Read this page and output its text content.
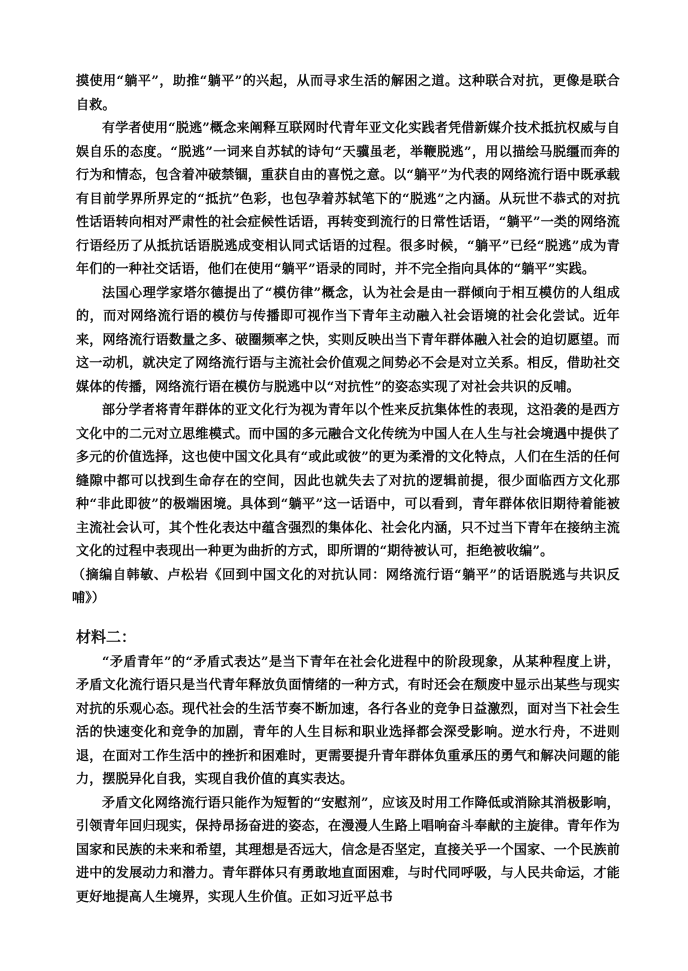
摸使用“躺平”，助推“躺平”的兴起，从而寻求生活的解困之道。这种联合对抗，更像是联合自救。

有学者使用“脱逃”概念来阐释互联网时代青年亚文化实践者凭借新媒介技术抵抗权威与自娱自乐的态度。“脱逃”一词来自苏轼的诗句“天骥虽老，举鞭脱逃”，用以描绘马脱缰而奔的行为和情态，包含着冲破禁锢，重获自由的喜悦之意。以“躺平”为代表的网络流行语中既承载有目前学界所界定的“抵抗”色彩，也包孕着苏轼笔下的“脱逃”之内涵。从玩世不恭式的对抗性话语转向相对严肃性的社会症候性话语，再转变到流行的日常性话语，“躺平”一类的网络流行语经历了从抵抗话语脱逃成变相认同式话语的过程。很多时候，“躺平”已经“脱逃”成为青年们的一种社交话语，他们在使用“躺平”语录的同时，并不完全指向具体的“躺平”实践。

法国心理学家塔尔德提出了“模仿律”概念，认为社会是由一群倾向于相互模仿的人组成的，而对网络流行语的模仿与传播即可视作当下青年主动融入社会语境的社会化尝试。近年来，网络流行语数量之多、破圈频率之快，实则反映出当下青年群体融入社会的迫切愿望。而这一动机，就决定了网络流行语与主流社会价值观之间势必不会是对立关系。相反，借助社交媒体的传播，网络流行语在模仿与脱逃中以“对抗性”的姿态实现了对社会共识的反哺。

部分学者将青年群体的亚文化行为视为青年以个性来反抗集体性的表现，这沿袭的是西方文化中的二元对立思维模式。而中国的多元融合文化传统为中国人在人生与社会境遇中提供了多元的价值选择，这也使中国文化具有“或此或彼”的更为柔滑的文化特点，人们在生活的任何缝隙中都可以找到生命存在的空间，因此也就失去了对抗的逻辑前提，很少面临西方文化那种“非此即彼”的极端困境。具体到“躺平”这一话语中，可以看到，青年群体依旧期待着能被主流社会认可，其个性化表达中蕴含强烈的集体化、社会化内涵，只不过当下青年在接纳主流文化的过程中表现出一种更为曲折的方式，即所谓的“期待被认可，拒绝被收编”。

（摘编自韩敏、卢松岩《回到中国文化的对抗认同：网络流行语“躺平”的话语脱逃与共识反哺》）

材料二：

“矛盾青年”的“矛盾式表达”是当下青年在社会化进程中的阶段现象，从某种程度上讲，矛盾文化流行语只是当代青年释放负面情绪的一种方式，有时还会在颓废中显示出某些与现实对抗的乐观心态。现代社会的生活节奏不断加速，各行各业的竞争日益激烈，面对当下社会生活的快速变化和竞争的加剧，青年的人生目标和职业选择都会深受影响。逆水行舟，不进则退，在面对工作生活中的挫折和困难时，更需要提升青年群体负重承压的勇气和解决问题的能力，摆脱异化自我，实现自我价值的真实表达。

矛盾文化网络流行语只能作为短暂的“安慰剂”，应该及时用工作降低或消除其消极影响，引领青年回归现实，保持昂扬奋进的姿态，在漫漫人生路上唱响奋斗奉献的主旋律。青年作为国家和民族的未来和希望，其理想是否远大，信念是否坚定，直接关乎一个国家、一个民族前进中的发展动力和潜力。青年群体只有勇敢地直面困难，与时代同呼吸，与人民共命运，才能更好地提高人生境界，实现人生价值。正如习近平总书
